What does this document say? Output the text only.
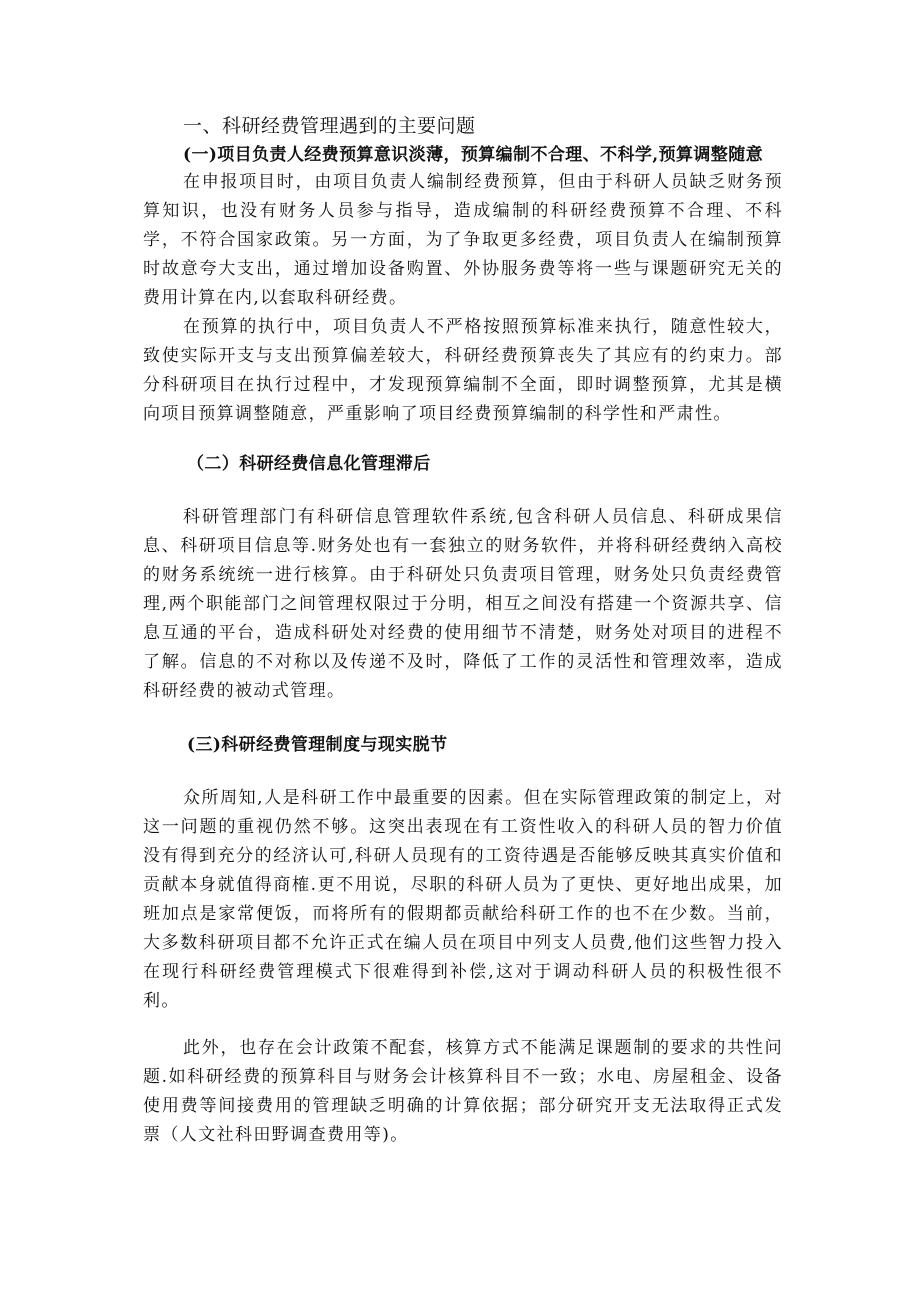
一、科研经费管理遇到的主要问题
(一)项目负责人经费预算意识淡薄，预算编制不合理、不科学,预算调整随意

在申报项目时，由项目负责人编制经费预算，但由于科研人员缺乏财务预算知识，也没有财务人员参与指导，造成编制的科研经费预算不合理、不科学，不符合国家政策。另一方面，为了争取更多经费，项目负责人在编制预算时故意夸大支出，通过增加设备购置、外协服务费等将一些与课题研究无关的费用计算在内,以套取科研经费。

在预算的执行中，项目负责人不严格按照预算标准来执行，随意性较大，致使实际开支与支出预算偏差较大，科研经费预算丧失了其应有的约束力。部分科研项目在执行过程中，才发现预算编制不全面，即时调整预算，尤其是横向项目预算调整随意，严重影响了项目经费预算编制的科学性和严肃性。

（二）科研经费信息化管理滞后

科研管理部门有科研信息管理软件系统,包含科研人员信息、科研成果信息、科研项目信息等.财务处也有一套独立的财务软件，并将科研经费纳入高校的财务系统统一进行核算。由于科研处只负责项目管理，财务处只负责经费管理,两个职能部门之间管理权限过于分明，相互之间没有搭建一个资源共享、信息互通的平台，造成科研处对经费的使用细节不清楚，财务处对项目的进程不了解。信息的不对称以及传递不及时，降低了工作的灵活性和管理效率，造成科研经费的被动式管理。

(三)科研经费管理制度与现实脱节

众所周知,人是科研工作中最重要的因素。但在实际管理政策的制定上，对这一问题的重视仍然不够。这突出表现在有工资性收入的科研人员的智力价值没有得到充分的经济认可,科研人员现有的工资待遇是否能够反映其真实价值和贡献本身就值得商榷.更不用说，尽职的科研人员为了更快、更好地出成果，加班加点是家常便饭，而将所有的假期都贡献给科研工作的也不在少数。当前，大多数科研项目都不允许正式在编人员在项目中列支人员费,他们这些智力投入在现行科研经费管理模式下很难得到补偿,这对于调动科研人员的积极性很不利。

此外，也存在会计政策不配套，核算方式不能满足课题制的要求的共性问题.如科研经费的预算科目与财务会计核算科目不一致；水电、房屋租金、设备使用费等间接费用的管理缺乏明确的计算依据；部分研究开支无法取得正式发票（人文社科田野调查费用等)。
